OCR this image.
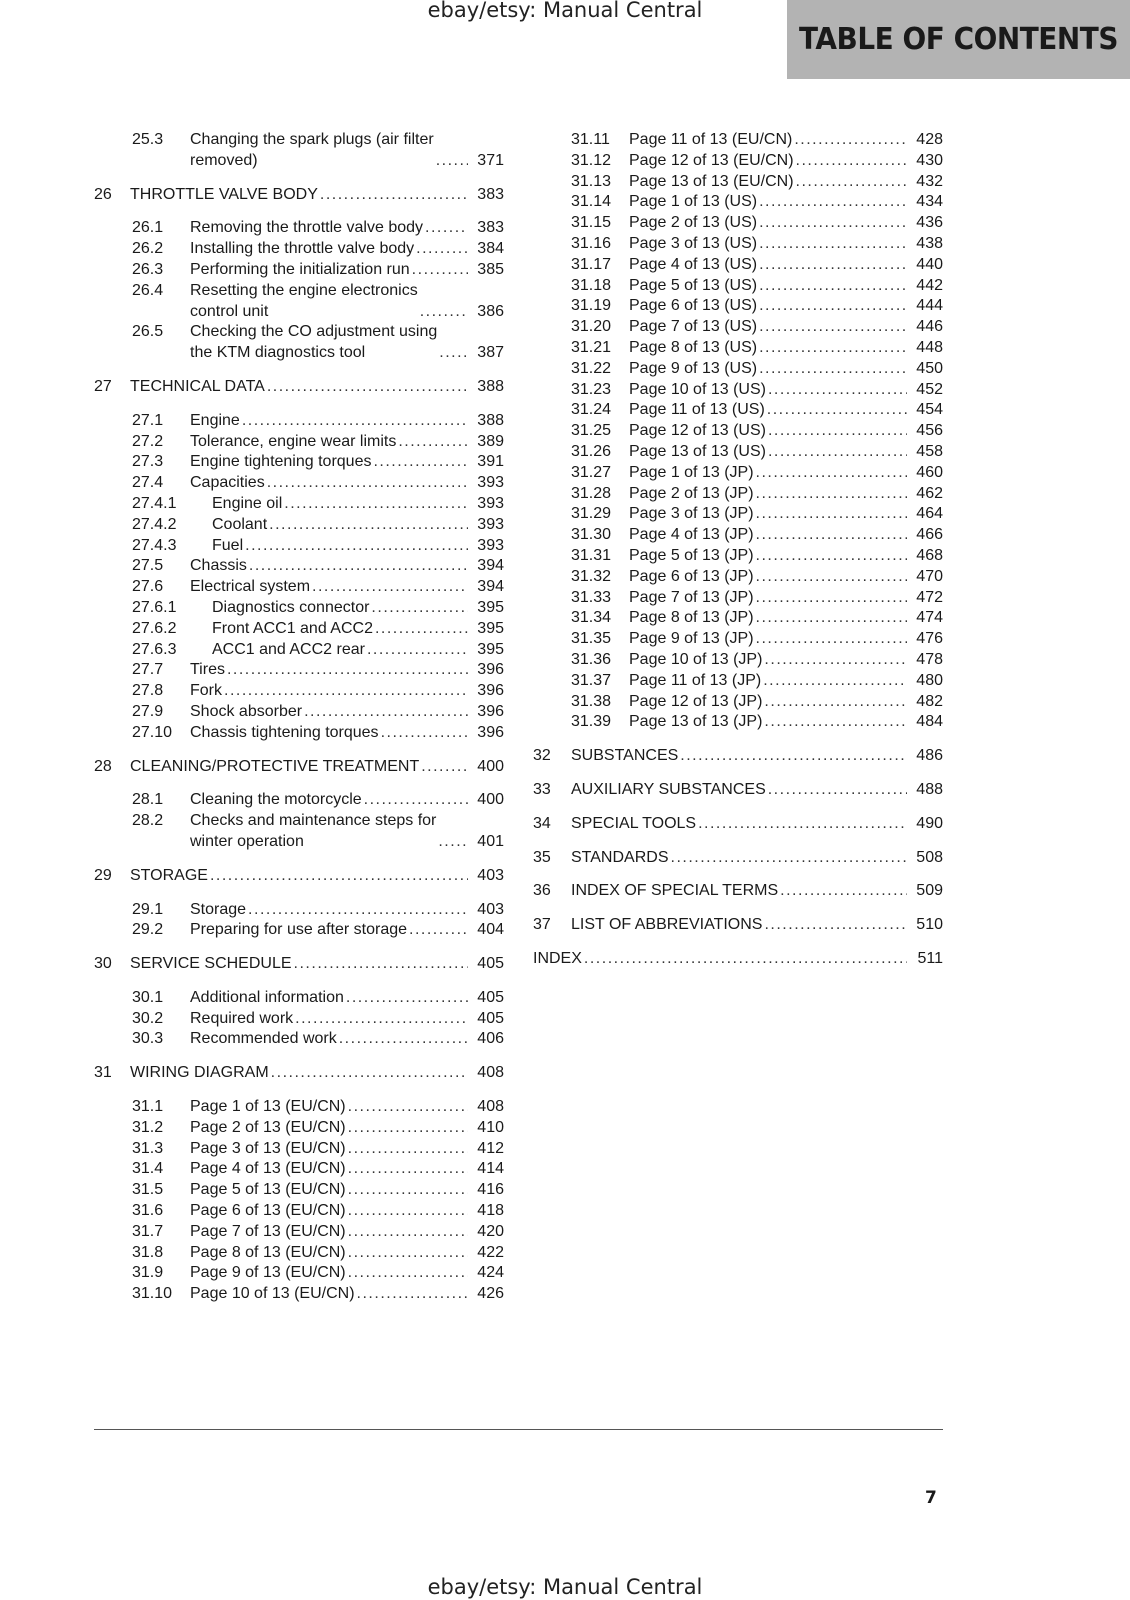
ebay/etsy: Manual Central
TABLE OF CONTENTS
25.3	Changing the spark plugs (air filter
removed) .....	371
26	THROTTLE VALVE BODY .....	383
26.1	Removing the throttle valve body .....	383
26.2	Installing the throttle valve body .....	384
26.3	Performing the initialization run .....	385
26.4	Resetting the engine electronics
control unit .....	386
26.5	Checking the CO adjustment using
the KTM diagnostics tool .....	387
27	TECHNICAL DATA .....	388
27.1	Engine .....	388
27.2	Tolerance, engine wear limits .....	389
27.3	Engine tightening torques .....	391
27.4	Capacities .....	393
27.4.1	Engine oil .....	393
27.4.2	Coolant .....	393
27.4.3	Fuel .....	393
27.5	Chassis .....	394
27.6	Electrical system .....	394
27.6.1	Diagnostics connector .....	395
27.6.2	Front ACC1 and ACC2 .....	395
27.6.3	ACC1 and ACC2 rear .....	395
27.7	Tires .....	396
27.8	Fork .....	396
27.9	Shock absorber .....	396
27.10	Chassis tightening torques .....	396
28	CLEANING/PROTECTIVE TREATMENT .....	400
28.1	Cleaning the motorcycle .....	400
28.2	Checks and maintenance steps for
winter operation .....	401
29	STORAGE .....	403
29.1	Storage .....	403
29.2	Preparing for use after storage .....	404
30	SERVICE SCHEDULE .....	405
30.1	Additional information .....	405
30.2	Required work .....	405
30.3	Recommended work .....	406
31	WIRING DIAGRAM .....	408
31.1	Page 1 of 13 (EU/CN) .....	408
31.2	Page 2 of 13 (EU/CN) .....	410
31.3	Page 3 of 13 (EU/CN) .....	412
31.4	Page 4 of 13 (EU/CN) .....	414
31.5	Page 5 of 13 (EU/CN) .....	416
31.6	Page 6 of 13 (EU/CN) .....	418
31.7	Page 7 of 13 (EU/CN) .....	420
31.8	Page 8 of 13 (EU/CN) .....	422
31.9	Page 9 of 13 (EU/CN) .....	424
31.10	Page 10 of 13 (EU/CN) .....	426
31.11	Page 11 of 13 (EU/CN) .....	428
31.12	Page 12 of 13 (EU/CN) .....	430
31.13	Page 13 of 13 (EU/CN) .....	432
31.14	Page 1 of 13 (US) .....	434
31.15	Page 2 of 13 (US) .....	436
31.16	Page 3 of 13 (US) .....	438
31.17	Page 4 of 13 (US) .....	440
31.18	Page 5 of 13 (US) .....	442
31.19	Page 6 of 13 (US) .....	444
31.20	Page 7 of 13 (US) .....	446
31.21	Page 8 of 13 (US) .....	448
31.22	Page 9 of 13 (US) .....	450
31.23	Page 10 of 13 (US) .....	452
31.24	Page 11 of 13 (US) .....	454
31.25	Page 12 of 13 (US) .....	456
31.26	Page 13 of 13 (US) .....	458
31.27	Page 1 of 13 (JP) .....	460
31.28	Page 2 of 13 (JP) .....	462
31.29	Page 3 of 13 (JP) .....	464
31.30	Page 4 of 13 (JP) .....	466
31.31	Page 5 of 13 (JP) .....	468
31.32	Page 6 of 13 (JP) .....	470
31.33	Page 7 of 13 (JP) .....	472
31.34	Page 8 of 13 (JP) .....	474
31.35	Page 9 of 13 (JP) .....	476
31.36	Page 10 of 13 (JP) .....	478
31.37	Page 11 of 13 (JP) .....	480
31.38	Page 12 of 13 (JP) .....	482
31.39	Page 13 of 13 (JP) .....	484
32	SUBSTANCES .....	486
33	AUXILIARY SUBSTANCES .....	488
34	SPECIAL TOOLS .....	490
35	STANDARDS .....	508
36	INDEX OF SPECIAL TERMS .....	509
37	LIST OF ABBREVIATIONS .....	510
INDEX .....	511
7
ebay/etsy: Manual Central
